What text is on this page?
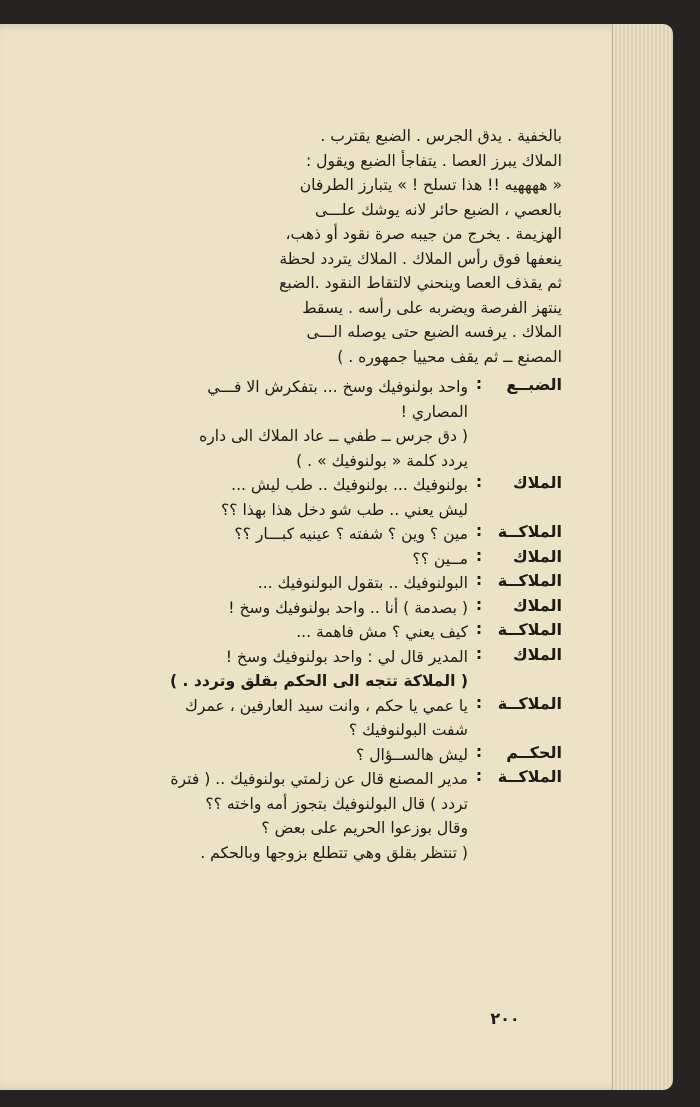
بالخفية . يدق الجرس . الضبع يقترب .
الملاك يبرز العصا . يتفاجأ الضبع ويقول :
« ههههيه !! هذا تسلح ! » يتبارز الطرفان
بالعصي ، الضبع حائر لانه يوشك علـــى
الهزيمة . يخرج من جيبه صرة نقود أو ذهب،
ينعفها فوق رأس الملاك . الملاك يتردد لحظة
ثم يقذف العصا وينحني لالتقاط النقود .الضبع
ينتهز الفرصة ويضربه على رأسه . يسقط
الملاك . يرفسه الضبع حتى يوصله الـــى
المصنع ــ ثم يقف محييا جمهوره . )
الضبــع
:
واحد بولنوفيك وسخ ... بتفكرش الا فـــي
المصاري !
( دق جرس ــ طفي ــ عاد الملاك الى داره
يردد كلمة « بولنوفيك » . )
الملاك
:
بولنوفيك ... بولنوفيك .. طب ليش ...
ليش يعني .. طب شو دخل هذا بهذا ؟؟
الملاكــة
:
مين ؟ وين ؟ شفته ؟ عينيه كبـــار ؟؟
الملاك
:
مــين ؟؟
الملاكــة
:
البولنوفيك .. بتقول البولنوفيك ...
الملاك
:
( بصدمة ) أنا .. واحد بولنوفيك وسخ !
الملاكــة
:
كيف يعني ؟ مش فاهمة ...
الملاك
:
المدير قال لي : واحد بولنوفيك وسخ !
( الملاكة تتجه الى الحكم بقلق وتردد . )
الملاكــة
:
يا عمي يا حكم ، وانت سيد العارفين ، عمرك
شفت البولنوفيك ؟
الحكــم
:
ليش هالســؤال ؟
الملاكــة
:
مدير المصنع قال عن زلمتي بولنوفيك .. ( فترة
تردد ) قال البولنوفيك بتجوز أمه واخته ؟؟
وقال بوزعوا الحريم على بعض ؟
( تنتظر بقلق وهي تتطلع بزوجها وبالحكم .
٢٠٠
